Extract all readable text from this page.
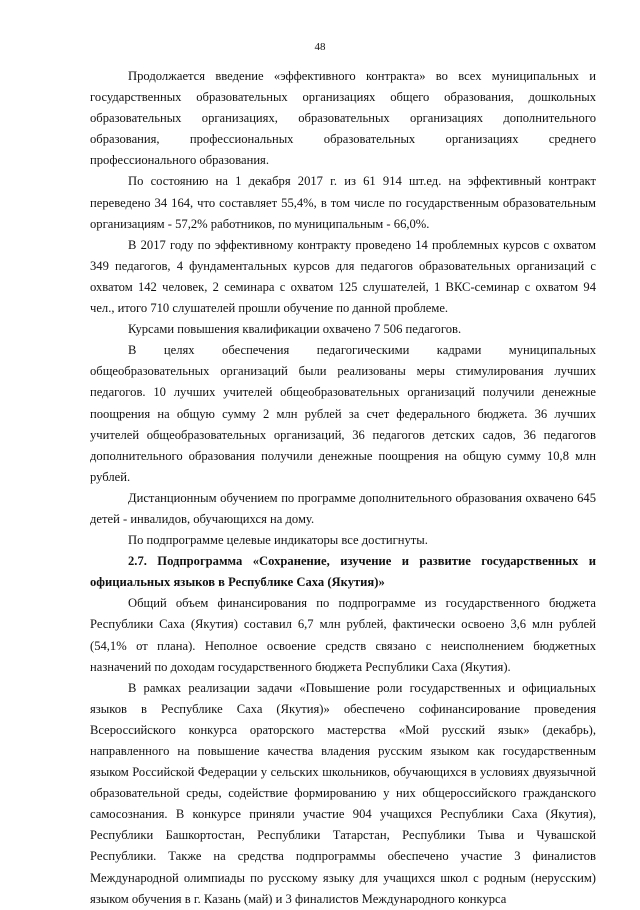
48

Продолжается введение «эффективного контракта» во всех муниципальных и государственных образовательных организациях общего образования, дошкольных образовательных организациях, образовательных организациях дополнительного образования, профессиональных образовательных организациях среднего профессионального образования.

По состоянию на 1 декабря 2017 г. из 61 914 шт.ед. на эффективный контракт переведено 34 164, что составляет 55,4%, в том числе по государственным образовательным организациям - 57,2% работников, по муниципальным - 66,0%.

В 2017 году по эффективному контракту проведено 14 проблемных курсов с охватом 349 педагогов, 4 фундаментальных курсов для педагогов образовательных организаций с охватом 142 человек, 2 семинара с охватом 125 слушателей, 1 ВКС-семинар с охватом 94 чел., итого 710 слушателей прошли обучение по данной проблеме.

Курсами повышения квалификации охвачено 7 506 педагогов.

В целях обеспечения педагогическими кадрами муниципальных общеобразовательных организаций были реализованы меры стимулирования лучших педагогов. 10 лучших учителей общеобразовательных организаций получили денежные поощрения на общую сумму 2 млн рублей за счет федерального бюджета. 36 лучших учителей общеобразовательных организаций, 36 педагогов детских садов, 36 педагогов дополнительного образования получили денежные поощрения на общую сумму 10,8 млн рублей.

Дистанционным обучением по программе дополнительного образования охвачено 645 детей - инвалидов, обучающихся на дому.

По подпрограмме целевые индикаторы все достигнуты.

2.7. Подпрограмма «Сохранение, изучение и развитие государственных и официальных языков в Республике Саха (Якутия)»

Общий объем финансирования по подпрограмме из государственного бюджета Республики Саха (Якутия) составил 6,7 млн рублей, фактически освоено 3,6 млн рублей (54,1% от плана). Неполное освоение средств связано с неисполнением бюджетных назначений по доходам государственного бюджета Республики Саха (Якутия).

В рамках реализации задачи «Повышение роли государственных и официальных языков в Республике Саха (Якутия)» обеспечено софинансирование проведения Всероссийского конкурса ораторского мастерства «Мой русский язык» (декабрь), направленного на повышение качества владения русским языком как государственным языком Российской Федерации у сельских школьников, обучающихся в условиях двуязычной образовательной среды, содействие формированию у них общероссийского гражданского самосознания. В конкурсе приняли участие 904 учащихся Республики Саха (Якутия), Республики Башкортостан, Республики Татарстан, Республики Тыва и Чувашской Республики. Также на средства подпрограммы обеспечено участие 3 финалистов Международной олимпиады по русскому языку для учащихся школ с родным (нерусским) языком обучения в г. Казань (май) и 3 финалистов Международного конкурса
